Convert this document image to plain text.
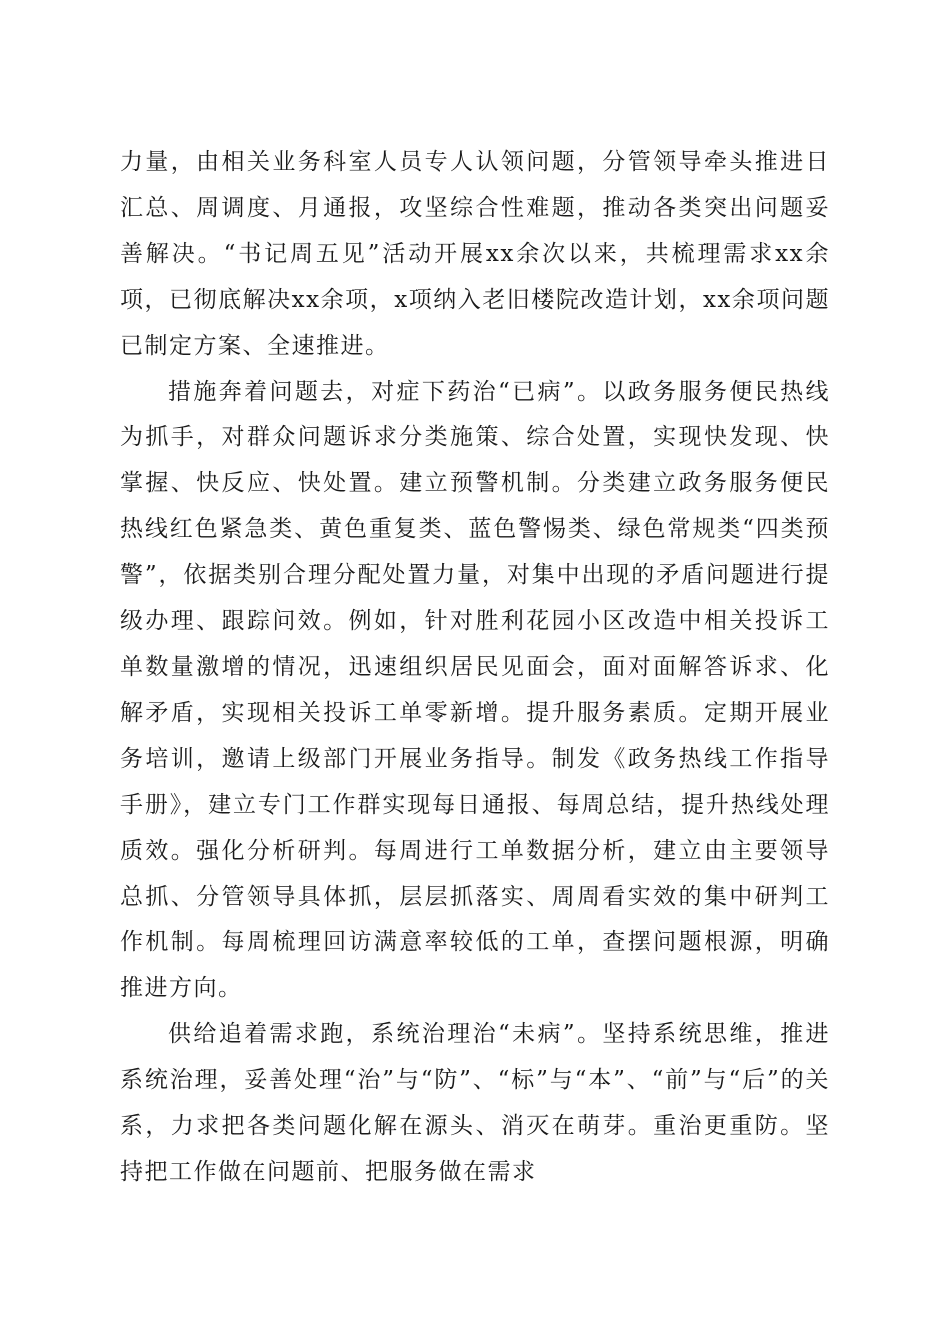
力量，由相关业务科室人员专人认领问题，分管领导牵头推进日汇总、周调度、月通报，攻坚综合性难题，推动各类突出问题妥善解决。“书记周五见”活动开展xx余次以来，共梳理需求xx余项，已彻底解决xx余项，x项纳入老旧楼院改造计划，xx余项问题已制定方案、全速推进。

措施奔着问题去，对症下药治“已病”。以政务服务便民热线为抓手，对群众问题诉求分类施策、综合处置，实现快发现、快掌握、快反应、快处置。建立预警机制。分类建立政务服务便民热线红色紧急类、黄色重复类、蓝色警惕类、绿色常规类“四类预警”，依据类别合理分配处置力量，对集中出现的矛盾问题进行提级办理、跟踪问效。例如，针对胜利花园小区改造中相关投诉工单数量激增的情况，迅速组织居民见面会，面对面解答诉求、化解矛盾，实现相关投诉工单零新增。提升服务素质。定期开展业务培训，邀请上级部门开展业务指导。制发《政务热线工作指导手册》，建立专门工作群实现每日通报、每周总结，提升热线处理质效。强化分析研判。每周进行工单数据分析，建立由主要领导总抓、分管领导具体抓，层层抓落实、周周看实效的集中研判工作机制。每周梳理回访满意率较低的工单，查摆问题根源，明确推进方向。

供给追着需求跑，系统治理治“未病”。坚持系统思维，推进系统治理，妥善处理“治”与“防”、“标”与“本”、“前”与“后”的关系，力求把各类问题化解在源头、消灭在萌芽。重治更重防。坚持把工作做在问题前、把服务做在需求
